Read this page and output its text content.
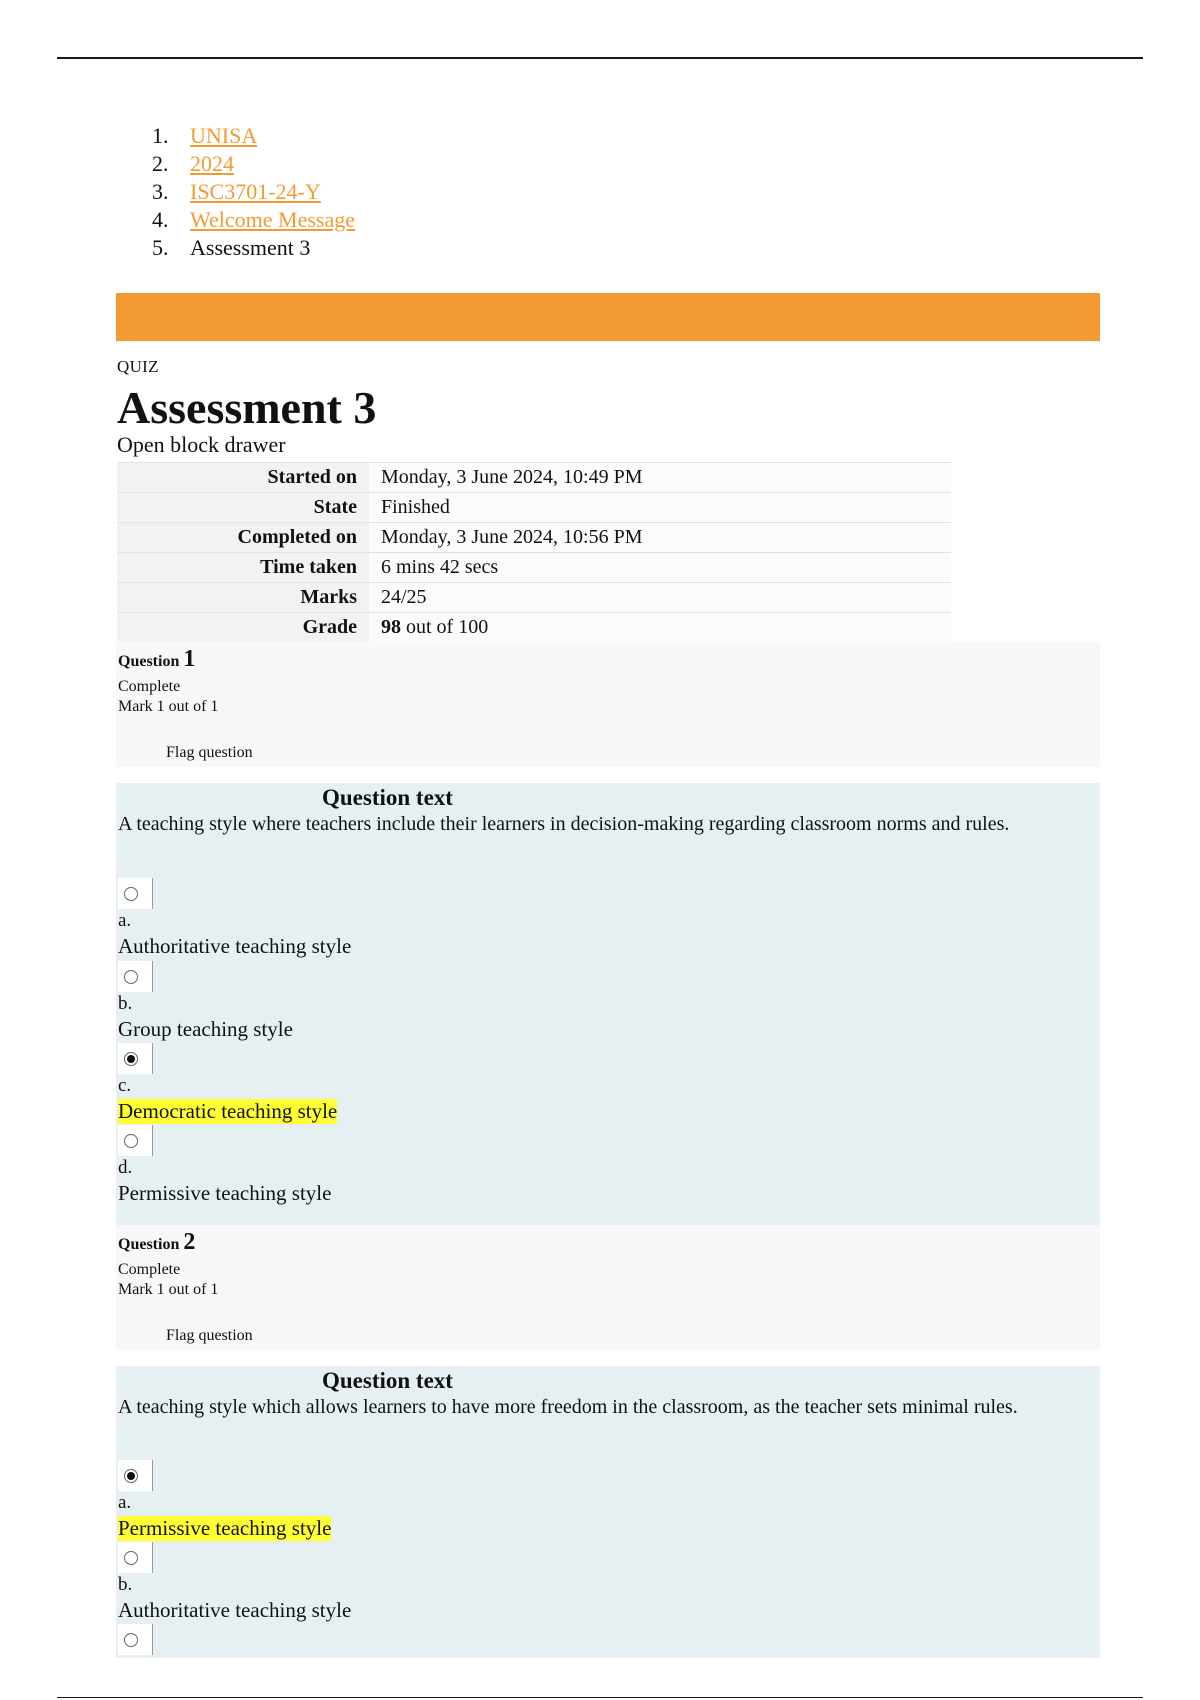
1. UNISA
2. 2024
3. ISC3701-24-Y
4. Welcome Message
5. Assessment 3
QUIZ
Assessment 3
Open block drawer
Started on	Monday, 3 June 2024, 10:49 PM
State	Finished
Completed on	Monday, 3 June 2024, 10:56 PM
Time taken	6 mins 42 secs
Marks	24/25
Grade	98 out of 100
Question 1
Complete
Mark 1 out of 1
Flag question
Question text
A teaching style where teachers include their learners in decision-making regarding classroom norms and rules.
a.
Authoritative teaching style
b.
Group teaching style
c.
Democratic teaching style
d.
Permissive teaching style
Question 2
Complete
Mark 1 out of 1
Flag question
Question text
A teaching style which allows learners to have more freedom in the classroom, as the teacher sets minimal rules.
a.
Permissive teaching style
b.
Authoritative teaching style
